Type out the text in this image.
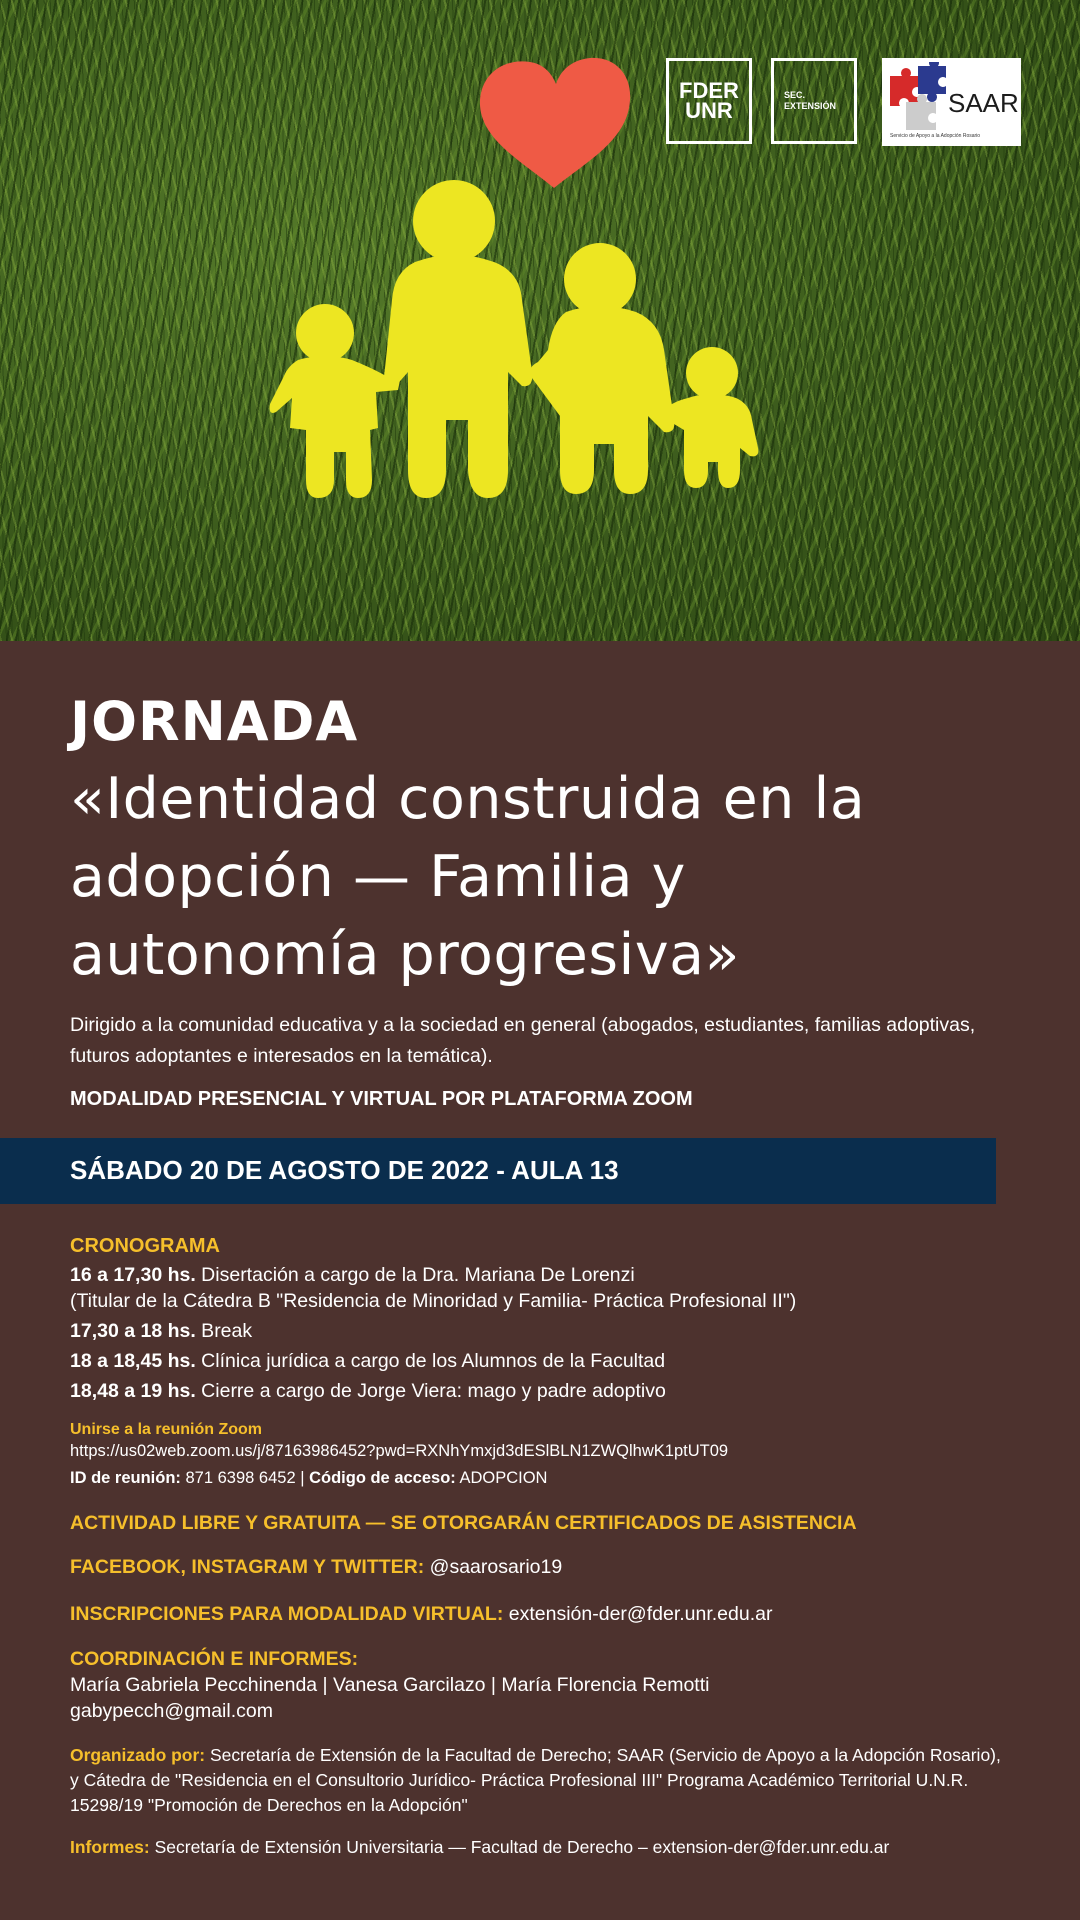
FDER
UNR
SEC.
EXTENSIÓN	SAAR
Servicio de Apoyo a la Adopción Rosario
JORNADA
«Identidad construida en la adopción — Familia y autonomía progresiva»
Dirigido a la comunidad educativa y a la sociedad en general (abogados, estudiantes, familias adoptivas, futuros adoptantes e interesados en la temática).
MODALIDAD PRESENCIAL Y VIRTUAL POR PLATAFORMA ZOOM
SÁBADO 20 DE AGOSTO DE 2022 - AULA 13
CRONOGRAMA
16 a 17,30 hs. Disertación a cargo de la Dra. Mariana De Lorenzi
(Titular de la Cátedra B "Residencia de Minoridad y Familia- Práctica Profesional II")
17,30 a 18 hs. Break
18 a 18,45 hs. Clínica jurídica a cargo de los Alumnos de la Facultad
18,48 a 19 hs. Cierre a cargo de Jorge Viera: mago y padre adoptivo
Unirse a la reunión Zoom
https://us02web.zoom.us/j/87163986452?pwd=RXNhYmxjd3dESlBLN1ZWQlhwK1ptUT09
ID de reunión: 871 6398 6452 | Código de acceso: ADOPCION
ACTIVIDAD LIBRE Y GRATUITA — SE OTORGARÁN CERTIFICADOS DE ASISTENCIA
FACEBOOK, INSTAGRAM Y TWITTER: @saarosario19
INSCRIPCIONES PARA MODALIDAD VIRTUAL: extensión-der@fder.unr.edu.ar
COORDINACIÓN E INFORMES:
María Gabriela Pecchinenda | Vanesa Garcilazo | María Florencia Remotti
gabypecch@gmail.com
Organizado por: Secretaría de Extensión de la Facultad de Derecho; SAAR (Servicio de Apoyo a la Adopción Rosario), y Cátedra de "Residencia en el Consultorio Jurídico- Práctica Profesional III" Programa Académico Territorial U.N.R. 15298/19 "Promoción de Derechos en la Adopción"
Informes: Secretaría de Extensión Universitaria — Facultad de Derecho – extension-der@fder.unr.edu.ar
